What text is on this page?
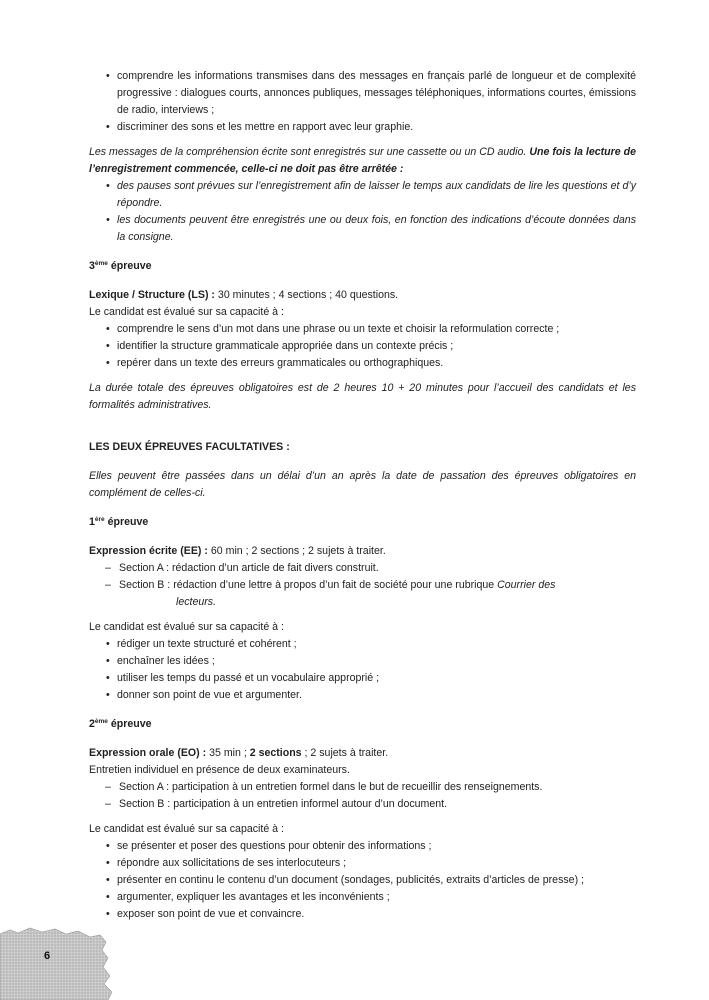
• comprendre les informations transmises dans des messages en français parlé de longueur et de complexité progressive : dialogues courts, annonces publiques, messages téléphoniques, informations courtes, émissions de radio, interviews ;
• discriminer des sons et les mettre en rapport avec leur graphie.

Les messages de la compréhension écrite sont enregistrés sur une cassette ou un CD audio. Une fois la lecture de l’enregistrement commencée, celle-ci ne doit pas être arrêtée :

• des pauses sont prévues sur l’enregistrement afin de laisser le temps aux candidats de lire les questions et d’y répondre.
• les documents peuvent être enregistrés une ou deux fois, en fonction des indications d’écoute données dans la consigne.

3ème épreuve

Lexique / Structure (LS) : 30 minutes ; 4 sections ; 40 questions.

Le candidat est évalué sur sa capacité à :

• comprendre le sens d’un mot dans une phrase ou un texte et choisir la reformulation correcte ;
• identifier la structure grammaticale appropriée dans un contexte précis ;
• repérer dans un texte des erreurs grammaticales ou orthographiques.

La durée totale des épreuves obligatoires est de 2 heures 10 + 20 minutes pour l’accueil des candidats et les formalités administratives.

LES DEUX ÉPREUVES FACULTATIVES :

Elles peuvent être passées dans un délai d’un an après la date de passation des épreuves obligatoires en complément de celles-ci.

1ère épreuve

Expression écrite (EE) : 60 min ; 2 sections ; 2 sujets à traiter.

– Section A : rédaction d’un article de fait divers construit.
– Section B : rédaction d’une lettre à propos d’un fait de société pour une rubrique Courrier des
lecteurs.

Le candidat est évalué sur sa capacité à :

• rédiger un texte structuré et cohérent ;
• enchaîner les idées ;
• utiliser les temps du passé et un vocabulaire approprié ;
• donner son point de vue et argumenter.

2ème épreuve

Expression orale (EO) : 35 min ; 2 sections ; 2 sujets à traiter.

Entretien individuel en présence de deux examinateurs.

– Section A : participation à un entretien formel dans le but de recueillir des renseignements.
– Section B : participation à un entretien informel autour d’un document.

Le candidat est évalué sur sa capacité à :

• se présenter et poser des questions pour obtenir des informations ;
• répondre aux sollicitations de ses interlocuteurs ;
• présenter en continu le contenu d’un document (sondages, publicités, extraits d’articles de presse) ;
• argumenter, expliquer les avantages et les inconvénients ;
• exposer son point de vue et convaincre.
6
